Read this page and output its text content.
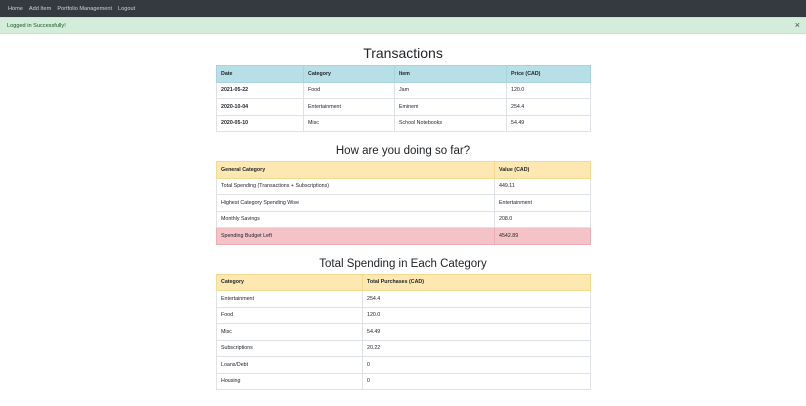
Home Add Item Portfolio Management Logout
Logged in Successfully!	×
Transactions
Date	Category	Item	Price (CAD)
2021-05-22	Food	Jam	120.0
2020-10-04	Entertainment	Eminem	254.4
2020-05-10	Misc	School Notebooks	54.49
How are you doing so far?
General Category	Value (CAD)
Total Spending (Transactions + Subscriptions)	449.11
Highest Category Spending Wise	Entertainment
Monthly Savings	208.0
Spending Budget Left	4542.89
Total Spending in Each Category
Category	Total Purchases (CAD)
Entertainment	254.4
Food	120.0
Misc	54.49
Subscriptions	20.22
Loans/Debt	0
Housing	0
